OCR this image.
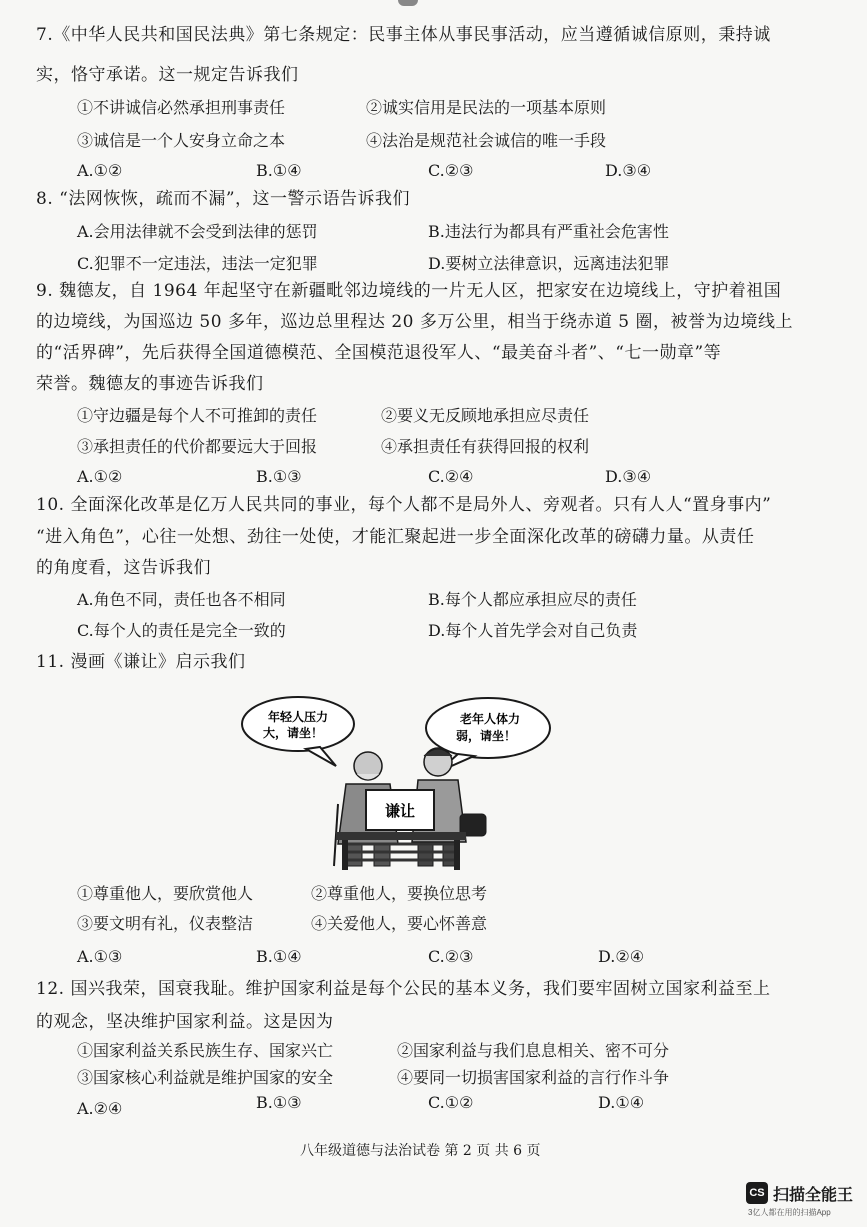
7.《中华人民共和国民法典》第七条规定：民事主体从事民事活动，应当遵循诚信原则，秉持诚
实，恪守承诺。这一规定告诉我们
①不讲诚信必然承担刑事责任	②诚实信用是民法的一项基本原则
③诚信是一个人安身立命之本	④法治是规范社会诚信的唯一手段
A.①②	B.①④	C.②③	D.③④
8. “法网恢恢，疏而不漏”，这一警示语告诉我们
A.会用法律就不会受到法律的惩罚	B.违法行为都具有严重社会危害性
C.犯罪不一定违法，违法一定犯罪	D.要树立法律意识，远离违法犯罪
9. 魏德友，自 1964 年起坚守在新疆毗邻边境线的一片无人区，把家安在边境线上，守护着祖国
的边境线，为国巡边 50 多年，巡边总里程达 20 多万公里，相当于绕赤道 5 圈，被誉为边境线上
的“活界碑”，先后获得全国道德模范、全国模范退役军人、“最美奋斗者”、“七一勋章”等
荣誉。魏德友的事迹告诉我们
①守边疆是每个人不可推卸的责任	②要义无反顾地承担应尽责任
③承担责任的代价都要远大于回报	④承担责任有获得回报的权利
A.①②	B.①③	C.②④	D.③④
10. 全面深化改革是亿万人民共同的事业，每个人都不是局外人、旁观者。只有人人“置身事内”
“进入角色”，心往一处想、劲往一处使，才能汇聚起进一步全面深化改革的磅礴力量。从责任
的角度看，这告诉我们
A.角色不同，责任也各不相同	B.每个人都应承担应尽的责任
C.每个人的责任是完全一致的	D.每个人首先学会对自己负责
11. 漫画《谦让》启示我们
年轻人压力
大，请坐！
老年人体力
弱，请坐！
谦让
①尊重他人，要欣赏他人	②尊重他人，要换位思考
③要文明有礼，仪表整洁	④关爱他人，要心怀善意
A.①③	B.①④	C.②③	D.②④
12. 国兴我荣，国衰我耻。维护国家利益是每个公民的基本义务，我们要牢固树立国家利益至上
的观念，坚决维护国家利益。这是因为
①国家利益关系民族生存、国家兴亡	②国家利益与我们息息相关、密不可分
③国家核心利益就是维护国家的安全	④要同一切损害国家利益的言行作斗争
A.②④	B.①③	C.①②	D.①④
八年级道德与法治试卷 第 2 页 共 6 页
CS 扫描全能王
3亿人都在用的扫描App
